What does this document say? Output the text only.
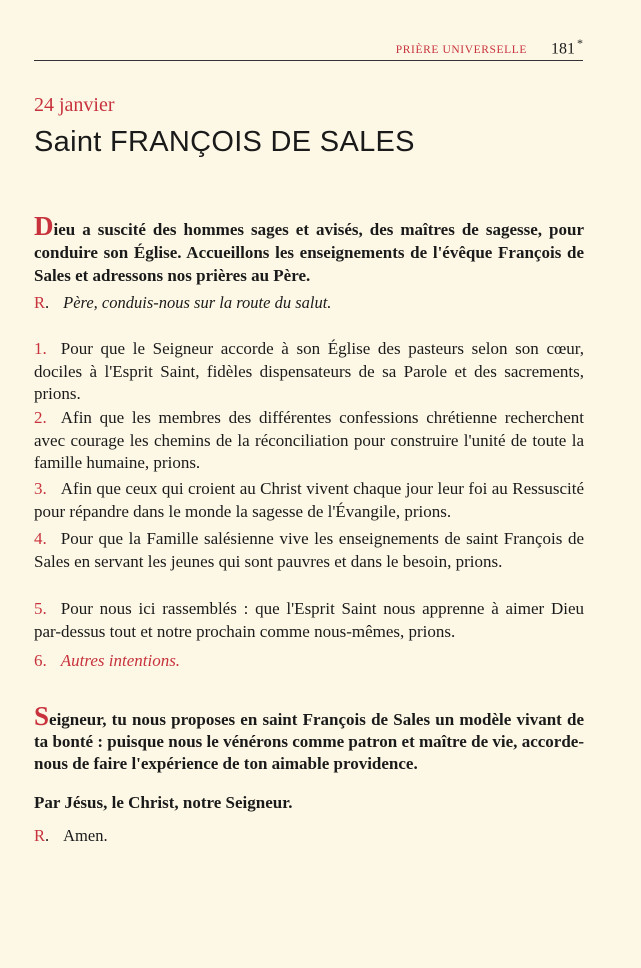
PRIÈRE UNIVERSELLE 181 *
24 janvier
Saint FRANÇOIS DE SALES
Dieu a suscité des hommes sages et avisés, des maîtres de sagesse, pour conduire son Église. Accueillons les enseignements de l'évêque François de Sales et adressons nos prières au Père.
R. Père, conduis-nous sur la route du salut.
1. Pour que le Seigneur accorde à son Église des pasteurs selon son cœur, dociles à l'Esprit Saint, fidèles dispensateurs de sa Parole et des sacrements, prions.
2. Afin que les membres des différentes confessions chrétienne recherchent avec courage les chemins de la réconciliation pour construire l'unité de toute la famille humaine, prions.
3. Afin que ceux qui croient au Christ vivent chaque jour leur foi au Ressuscité pour répandre dans le monde la sagesse de l'Évangile, prions.
4. Pour que la Famille salésienne vive les enseignements de saint François de Sales en servant les jeunes qui sont pauvres et dans le besoin, prions.
5. Pour nous ici rassemblés : que l'Esprit Saint nous apprenne à aimer Dieu par-dessus tout et notre prochain comme nous-mêmes, prions.
6. Autres intentions.
Seigneur, tu nous proposes en saint François de Sales un modèle vivant de ta bonté : puisque nous le vénérons comme patron et maître de vie, accorde-nous de faire l'expérience de ton aimable providence.
Par Jésus, le Christ, notre Seigneur.
R. Amen.
